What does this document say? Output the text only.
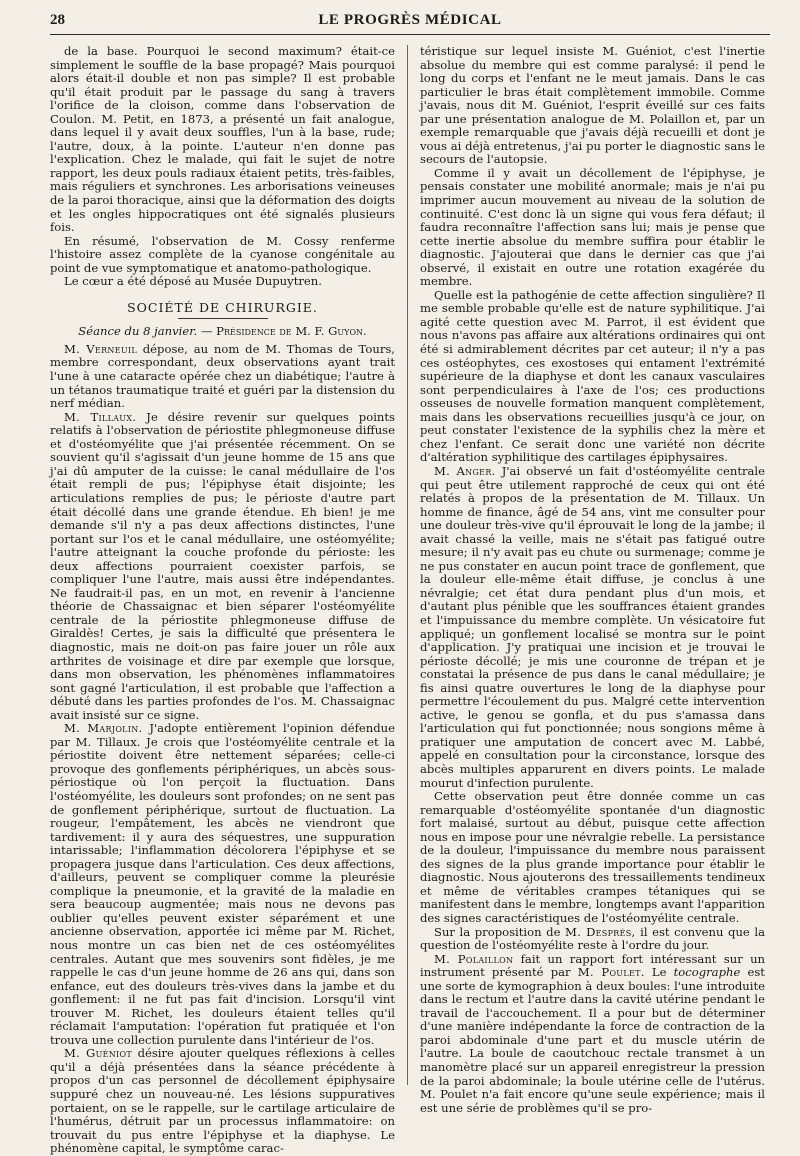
28	LE PROGRÈS MÉDICAL

de la base. Pourquoi le second maximum? était-ce simplement le souffle de la base propagé? Mais pourquoi alors était-il double et non pas simple? Il est probable qu'il était produit par le passage du sang à travers l'orifice de la cloison, comme dans l'observation de Coulon. M. Petit, en 1873, a présenté un fait analogue, dans lequel il y avait deux souffles, l'un à la base, rude; l'autre, doux, à la pointe. L'auteur n'en donne pas l'explication. Chez le malade, qui fait le sujet de notre rapport, les deux pouls radiaux étaient petits, très-faibles, mais réguliers et synchrones. Les arborisations veineuses de la paroi thoracique, ainsi que la déformation des doigts et les ongles hippocratiques ont été signalés plusieurs fois.

En résumé, l'observation de M. Cossy renferme l'histoire assez complète de la cyanose congénitale au point de vue symptomatique et anatomo-pathologique.

Le cœur a été déposé au Musée Dupuytren.

SOCIÉTÉ DE CHIRURGIE.

Séance du 8 janvier. — Présidence de M. F. Guyon.

M. Verneuil dépose, au nom de M. Thomas de Tours, membre correspondant, deux observations ayant trait l'une à une cataracte opérée chez un diabétique; l'autre à un tétanos traumatique traité et guéri par la distension du nerf médian.

M. Tillaux. Je désire revenir sur quelques points relatifs à l'observation de périostite phlegmoneuse diffuse et d'ostéomyélite que j'ai présentée récemment. On se souvient qu'il s'agissait d'un jeune homme de 15 ans que j'ai dû amputer de la cuisse: le canal médullaire de l'os était rempli de pus; l'épiphyse était disjointe; les articulations remplies de pus; le périoste d'autre part était décollé dans une grande étendue. Eh bien! je me demande s'il n'y a pas deux affections distinctes, l'une portant sur l'os et le canal médullaire, une ostéomyélite; l'autre atteignant la couche profonde du périoste: les deux affections pourraient coexister parfois, se compliquer l'une l'autre, mais aussi être indépendantes. Ne faudrait-il pas, en un mot, en revenir à l'ancienne théorie de Chassaignac et bien séparer l'ostéomyélite centrale de la périostite phlegmoneuse diffuse de Giraldès! Certes, je sais la difficulté que présentera le diagnostic, mais ne doit-on pas faire jouer un rôle aux arthrites de voisinage et dire par exemple que lorsque, dans mon observation, les phénomènes inflammatoires sont gagné l'articulation, il est probable que l'affection a débuté dans les parties profondes de l'os. M. Chassaignac avait insisté sur ce signe.

M. Marjolin. J'adopte entièrement l'opinion défendue par M. Tillaux. Je crois que l'ostéomyélite centrale et la périostite doivent être nettement séparées; celle-ci provoque des gonflements périphériques, un abcès sous-périostique où l'on perçoit la fluctuation. Dans l'ostéomyélite, les douleurs sont profondes; on ne sent pas de gonflement périphérique, surtout de fluctuation. La rougeur, l'empâtement, les abcès ne viendront que tardivement: il y aura des séquestres, une suppuration intarissable; l'inflammation décolorera l'épiphyse et se propagera jusque dans l'articulation. Ces deux affections, d'ailleurs, peuvent se compliquer comme la pleurésie complique la pneumonie, et la gravité de la maladie en sera beaucoup augmentée; mais nous ne devons pas oublier qu'elles peuvent exister séparément et une ancienne observation, apportée ici même par M. Richet, nous montre un cas bien net de ces ostéomyélites centrales. Autant que mes souvenirs sont fidèles, je me rappelle le cas d'un jeune homme de 26 ans qui, dans son enfance, eut des douleurs très-vives dans la jambe et du gonflement: il ne fut pas fait d'incision. Lorsqu'il vint trouver M. Richet, les douleurs étaient telles qu'il réclamait l'amputation: l'opération fut pratiquée et l'on trouva une collection purulente dans l'intérieur de l'os.

M. Guéniot désire ajouter quelques réflexions à celles qu'il a déjà présentées dans la séance précédente à propos d'un cas personnel de décollement épiphysaire suppuré chez un nouveau-né. Les lésions suppuratives portaient, on se le rappelle, sur le cartilage articulaire de l'humérus, détruit par un processus inflammatoire: on trouvait du pus entre l'épiphyse et la diaphyse. Le phénomène capital, le symptôme carac-

téristique sur lequel insiste M. Guéniot, c'est l'inertie absolue du membre qui est comme paralysé: il pend le long du corps et l'enfant ne le meut jamais. Dans le cas particulier le bras était complètement immobile. Comme j'avais, nous dit M. Guéniot, l'esprit éveillé sur ces faits par une présentation analogue de M. Polaillon et, par un exemple remarquable que j'avais déjà recueilli et dont je vous ai déjà entretenus, j'ai pu porter le diagnostic sans le secours de l'autopsie.

Comme il y avait un décollement de l'épiphyse, je pensais constater une mobilité anormale; mais je n'ai pu imprimer aucun mouvement au niveau de la solution de continuité. C'est donc là un signe qui vous fera défaut; il faudra reconnaître l'affection sans lui; mais je pense que cette inertie absolue du membre suffira pour établir le diagnostic. J'ajouterai que dans le dernier cas que j'ai observé, il existait en outre une rotation exagérée du membre.

Quelle est la pathogénie de cette affection singulière? Il me semble probable qu'elle est de nature syphilitique. J'ai agité cette question avec M. Parrot, il est évident que nous n'avons pas affaire aux altérations ordinaires qui ont été si admirablement décrites par cet auteur; il n'y a pas ces ostéophytes, ces exostoses qui entament l'extrémité supérieure de la diaphyse et dont les canaux vasculaires sont perpendiculaires à l'axe de l'os; ces productions osseuses de nouvelle formation manquent complètement, mais dans les observations recueillies jusqu'à ce jour, on peut constater l'existence de la syphilis chez la mère et chez l'enfant. Ce serait donc une variété non décrite d'altération syphilitique des cartilages épiphysaires.

M. Anger. J'ai observé un fait d'ostéomyélite centrale qui peut être utilement rapproché de ceux qui ont été relatés à propos de la présentation de M. Tillaux. Un homme de finance, âgé de 54 ans, vint me consulter pour une douleur très-vive qu'il éprouvait le long de la jambe; il avait chassé la veille, mais ne s'était pas fatigué outre mesure; il n'y avait pas eu chute ou surmenage; comme je ne pus constater en aucun point trace de gonflement, que la douleur elle-même était diffuse, je conclus à une névralgie; cet état dura pendant plus d'un mois, et d'autant plus pénible que les souffrances étaient grandes et l'impuissance du membre complète. Un vésicatoire fut appliqué; un gonflement localisé se montra sur le point d'application. J'y pratiquai une incision et je trouvai le périoste décollé; je mis une couronne de trépan et je constatai la présence de pus dans le canal médullaire; je fis ainsi quatre ouvertures le long de la diaphyse pour permettre l'écoulement du pus. Malgré cette intervention active, le genou se gonfla, et du pus s'amassa dans l'articulation qui fut ponctionnée; nous songions même à pratiquer une amputation de concert avec M. Labbé, appelé en consultation pour la circonstance, lorsque des abcès multiples apparurent en divers points. Le malade mourut d'infection purulente.

Cette observation peut être donnée comme un cas remarquable d'ostéomyélite spontanée d'un diagnostic fort malaisé, surtout au début, puisque cette affection nous en impose pour une névralgie rebelle. La persistance de la douleur, l'impuissance du membre nous paraissent des signes de la plus grande importance pour établir le diagnostic. Nous ajouterons des tressaillements tendineux et même de véritables crampes tétaniques qui se manifestent dans le membre, longtemps avant l'apparition des signes caractéristiques de l'ostéomyélite centrale.

Sur la proposition de M. Després, il est convenu que la question de l'ostéomyélite reste à l'ordre du jour.

M. Polaillon fait un rapport fort intéressant sur un instrument présenté par M. Poulet. Le tocographe est une sorte de kymographion à deux boules: l'une introduite dans le rectum et l'autre dans la cavité utérine pendant le travail de l'accouchement. Il a pour but de déterminer d'une manière indépendante la force de contraction de la paroi abdominale d'une part et du muscle utérin de l'autre. La boule de caoutchouc rectale transmet à un manomètre placé sur un appareil enregistreur la pression de la paroi abdominale; la boule utérine celle de l'utérus. M. Poulet n'a fait encore qu'une seule expérience; mais il est une série de problèmes qu'il se pro-
